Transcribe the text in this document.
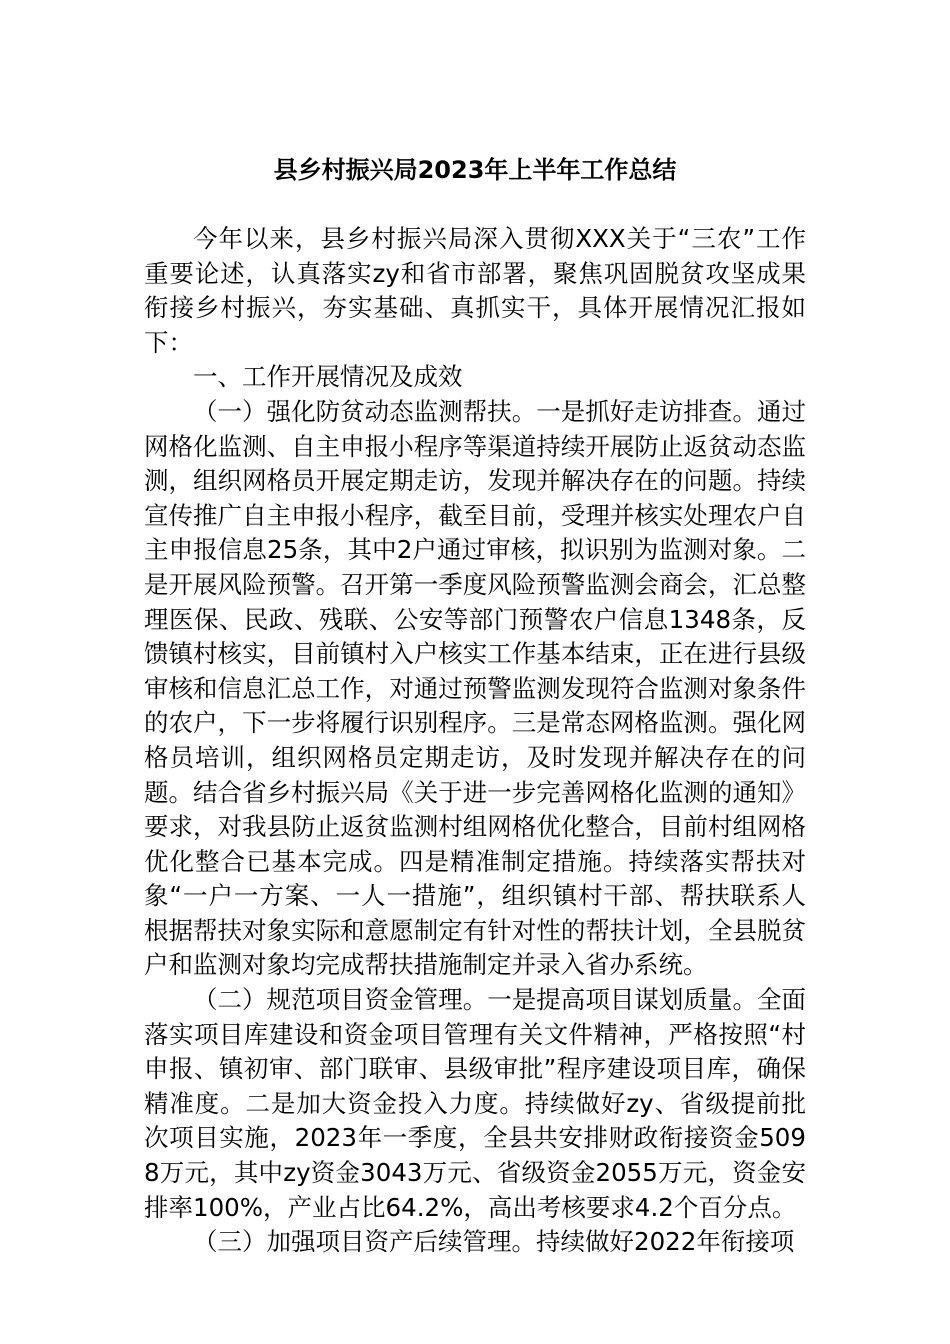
县乡村振兴局2023年上半年工作总结

今年以来，县乡村振兴局深入贯彻XXX关于“三农”工作重要论述，认真落实zy和省市部署，聚焦巩固脱贫攻坚成果衔接乡村振兴，夯实基础、真抓实干，具体开展情况汇报如下：

一、工作开展情况及成效

（一）强化防贫动态监测帮扶。一是抓好走访排查。通过网格化监测、自主申报小程序等渠道持续开展防止返贫动态监测，组织网格员开展定期走访，发现并解决存在的问题。持续宣传推广自主申报小程序，截至目前，受理并核实处理农户自主申报信息25条，其中2户通过审核，拟识别为监测对象。二是开展风险预警。召开第一季度风险预警监测会商会，汇总整理医保、民政、残联、公安等部门预警农户信息1348条，反馈镇村核实，目前镇村入户核实工作基本结束，正在进行县级审核和信息汇总工作，对通过预警监测发现符合监测对象条件的农户，下一步将履行识别程序。三是常态网格监测。强化网格员培训，组织网格员定期走访，及时发现并解决存在的问题。结合省乡村振兴局《关于进一步完善网格化监测的通知》要求，对我县防止返贫监测村组网格优化整合，目前村组网格优化整合已基本完成。四是精准制定措施。持续落实帮扶对象“一户一方案、一人一措施”，组织镇村干部、帮扶联系人根据帮扶对象实际和意愿制定有针对性的帮扶计划，全县脱贫户和监测对象均完成帮扶措施制定并录入省办系统。

（二）规范项目资金管理。一是提高项目谋划质量。全面落实项目库建设和资金项目管理有关文件精神，严格按照“村申报、镇初审、部门联审、县级审批”程序建设项目库，确保精准度。二是加大资金投入力度。持续做好zy、省级提前批次项目实施，2023年一季度，全县共安排财政衔接资金5098万元，其中zy资金3043万元、省级资金2055万元，资金安排率100%，产业占比64.2%，高出考核要求4.2个百分点。

（三）加强项目资产后续管理。持续做好2022年衔接项
